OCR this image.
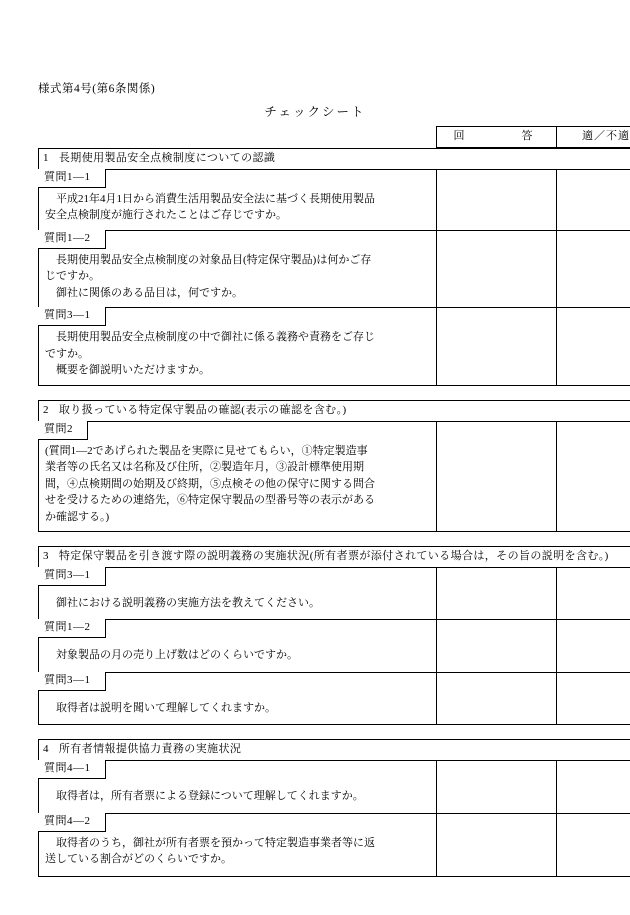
様式第4号(第6条関係)
チェックシート
	回　　　答	適／不適
1 長期使用製品安全点検制度についての認識		
質問1―1		

平成21年4月1日から消費生活用製品安全法に基づく長期使用製品
安全点検制度が施行されたことはご存じですか。		

質問1―2		

長期使用製品安全点検制度の対象品目(特定保守製品)は何かご存
じですか。
御社に関係のある品目は，何ですか。		

質問3―1		

長期使用製品安全点検制度の中で御社に係る義務や責務をご存じ
ですか。
概要を御説明いただけますか。		
2 取り扱っている特定保守製品の確認(表示の確認を含む。)
質問2		

(質問1―2であげられた製品を実際に見せてもらい，①特定製造事
業者等の氏名又は名称及び住所，②製造年月，③設計標準使用期
間，④点検期間の始期及び終期，⑤点検その他の保守に関する問合
せを受けるための連絡先，⑥特定保守製品の型番号等の表示がある
か確認する。)
3 特定保守製品を引き渡す際の説明義務の実施状況(所有者票が添付されている場合は，その旨の説明を含む。)		
質問3―1		

御社における説明義務の実施方法を教えてください。		

質問1―2		

対象製品の月の売り上げ数はどのくらいですか。		

質問3―1		

取得者は説明を聞いて理解してくれますか。		
4 所有者情報提供協力責務の実施状況		
質問4―1		

取得者は，所有者票による登録について理解してくれますか。		

質問4―2		

取得者のうち，御社が所有者票を預かって特定製造事業者等に返
送している割合がどのくらいですか。		
